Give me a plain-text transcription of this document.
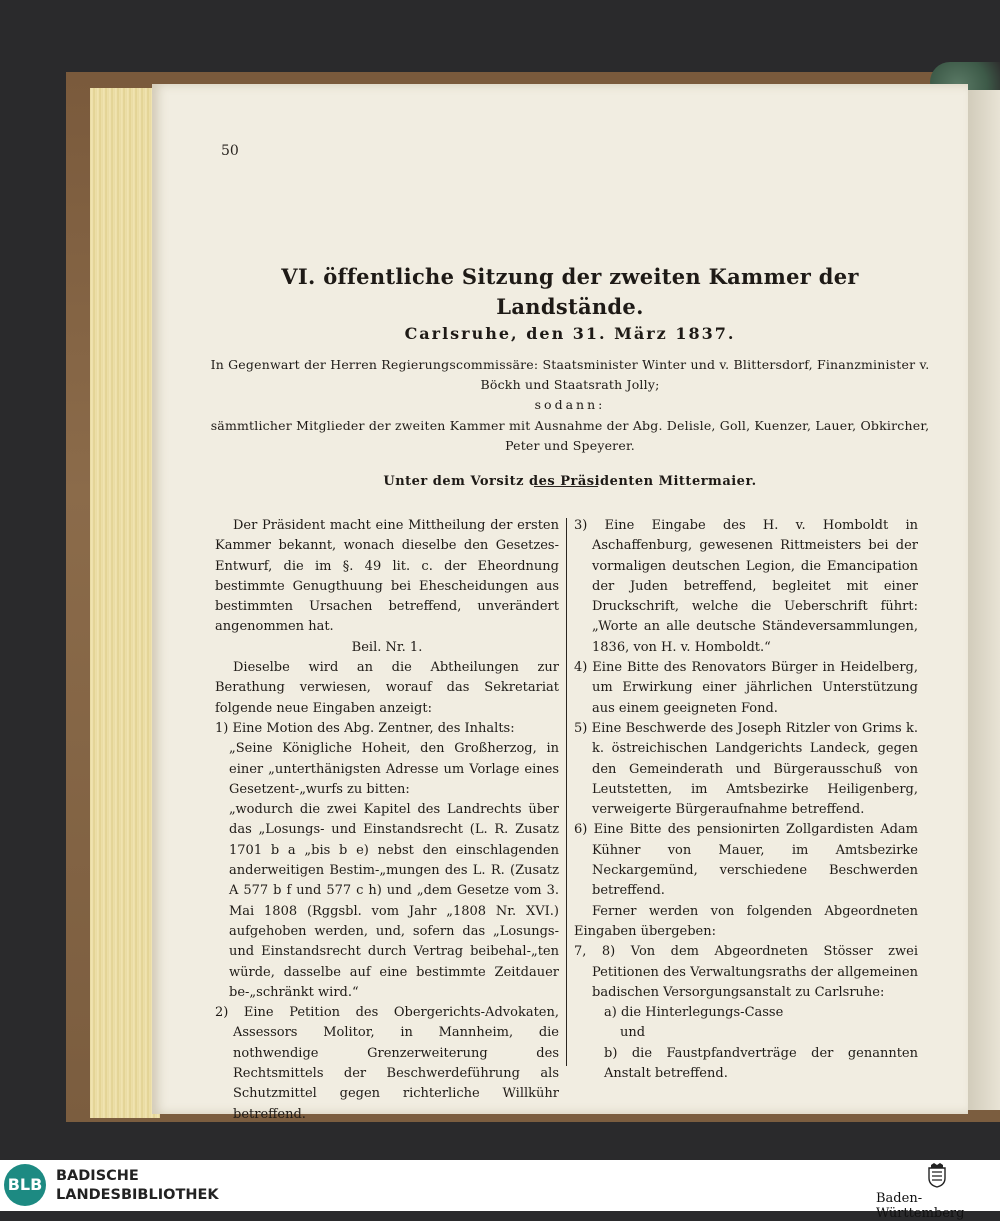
50

VI. öffentliche Sitzung der zweiten Kammer der Landstände.

Carlsruhe, den 31. März 1837.

In Gegenwart der Herren Regierungscommissäre: Staatsminister Winter und v. Blittersdorf, Finanzminister v. Böckh und Staatsrath Jolly;

sodann:

sämmtlicher Mitglieder der zweiten Kammer mit Ausnahme der Abg. Delisle, Goll, Kuenzer, Lauer, Obkircher, Peter und Speyerer.

Unter dem Vorsitz des Präsidenten Mittermaier.

Der Präsident macht eine Mittheilung der ersten Kammer bekannt, wonach dieselbe den Gesetzes-Entwurf, die im §. 49 lit. c. der Eheordnung bestimmte Genugthuung bei Ehescheidungen aus bestimmten Ursachen betreffend, unverändert angenommen hat.

Beil. Nr. 1.

Dieselbe wird an die Abtheilungen zur Berathung verwiesen, worauf das Sekretariat folgende neue Eingaben anzeigt:

1) Eine Motion des Abg. Zentner, des Inhalts:

„Seine Königliche Hoheit, den Großherzog, in einer „unterthänigsten Adresse um Vorlage eines Gesetzent-„wurfs zu bitten:

„wodurch die zwei Kapitel des Landrechts über das „Losungs- und Einstandsrecht (L. R. Zusatz 1701 b a „bis b e) nebst den einschlagenden anderweitigen Bestim-„mungen des L. R. (Zusatz A 577 b f und 577 c h) und „dem Gesetze vom 3. Mai 1808 (Rggsbl. vom Jahr „1808 Nr. XVI.) aufgehoben werden, und, sofern das „Losungs- und Einstandsrecht durch Vertrag beibehal-„ten würde, dasselbe auf eine bestimmte Zeitdauer be-„schränkt wird.“

2) Eine Petition des Obergerichts-Advokaten, Assessors Molitor, in Mannheim, die nothwendige Grenzerweiterung des Rechtsmittels der Beschwerdeführung als Schutzmittel gegen richterliche Willkühr betreffend.

3) Eine Eingabe des H. v. Homboldt in Aschaffenburg, gewesenen Rittmeisters bei der vormaligen deutschen Legion, die Emancipation der Juden betreffend, begleitet mit einer Druckschrift, welche die Ueberschrift führt: „Worte an alle deutsche Ständeversammlungen, 1836, von H. v. Homboldt.“

4) Eine Bitte des Renovators Bürger in Heidelberg, um Erwirkung einer jährlichen Unterstützung aus einem geeigneten Fond.

5) Eine Beschwerde des Joseph Ritzler von Grims k. k. östreichischen Landgerichts Landeck, gegen den Gemeinderath und Bürgerausschuß von Leutstetten, im Amtsbezirke Heiligenberg, verweigerte Bürgeraufnahme betreffend.

6) Eine Bitte des pensionirten Zollgardisten Adam Kühner von Mauer, im Amtsbezirke Neckargemünd, verschiedene Beschwerden betreffend.

Ferner werden von folgenden Abgeordneten Eingaben übergeben:

7, 8) Von dem Abgeordneten Stösser zwei Petitionen des Verwaltungsraths der allgemeinen badischen Versorgungsanstalt zu Carlsruhe:

a) die Hinterlegungs-Casse

und

b) die Faustpfandverträge der genannten Anstalt betreffend.

BLB BADISCHE
LANDESBIBLIOTHEK	Baden-Württemberg
